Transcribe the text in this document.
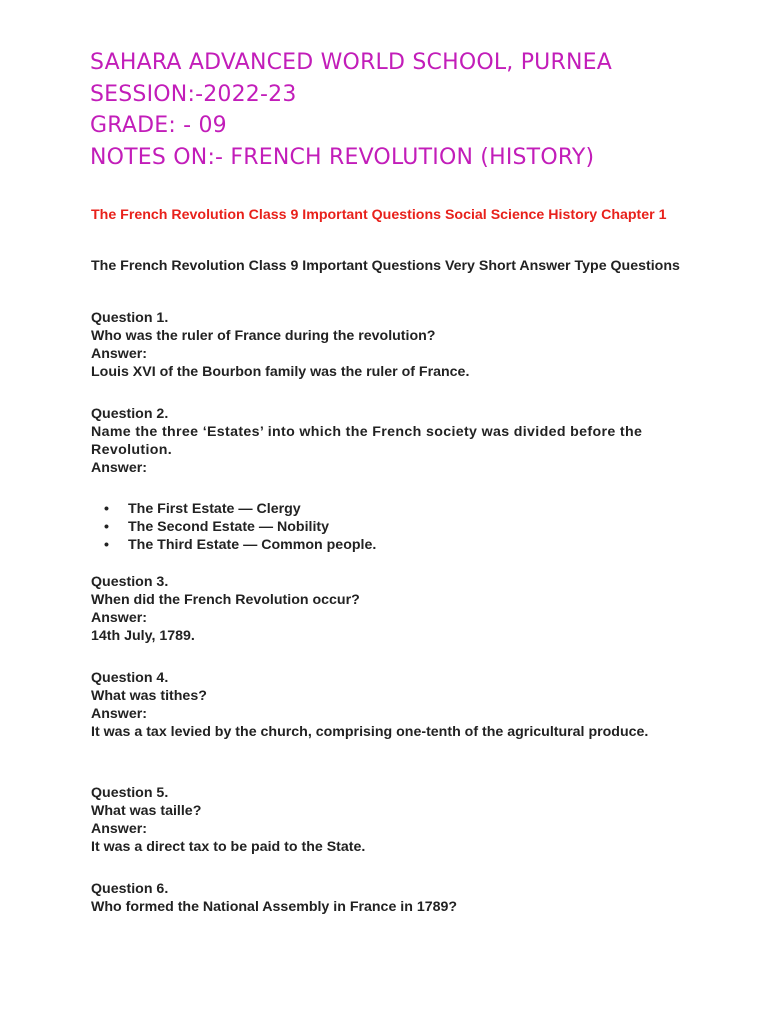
SAHARA ADVANCED WORLD SCHOOL, PURNEA
SESSION:-2022-23
GRADE: - 09
NOTES ON:- FRENCH REVOLUTION (HISTORY)

The French Revolution Class 9 Important Questions Social Science History Chapter 1

The French Revolution Class 9 Important Questions Very Short Answer Type Questions

Question 1.

Who was the ruler of France during the revolution?

Answer:

Louis XVI of the Bourbon family was the ruler of France.

Question 2.

Name the three ‘Estates’ into which the French society was divided before the Revolution.

Answer:

• The First Estate — Clergy
• The Second Estate — Nobility
• The Third Estate — Common people.

Question 3.

When did the French Revolution occur?

Answer:

14th July, 1789.

Question 4.

What was tithes?

Answer:

It was a tax levied by the church, comprising one-tenth of the agricultural produce.

Question 5.

What was taille?

Answer:

It was a direct tax to be paid to the State.

Question 6.

Who formed the National Assembly in France in 1789?
